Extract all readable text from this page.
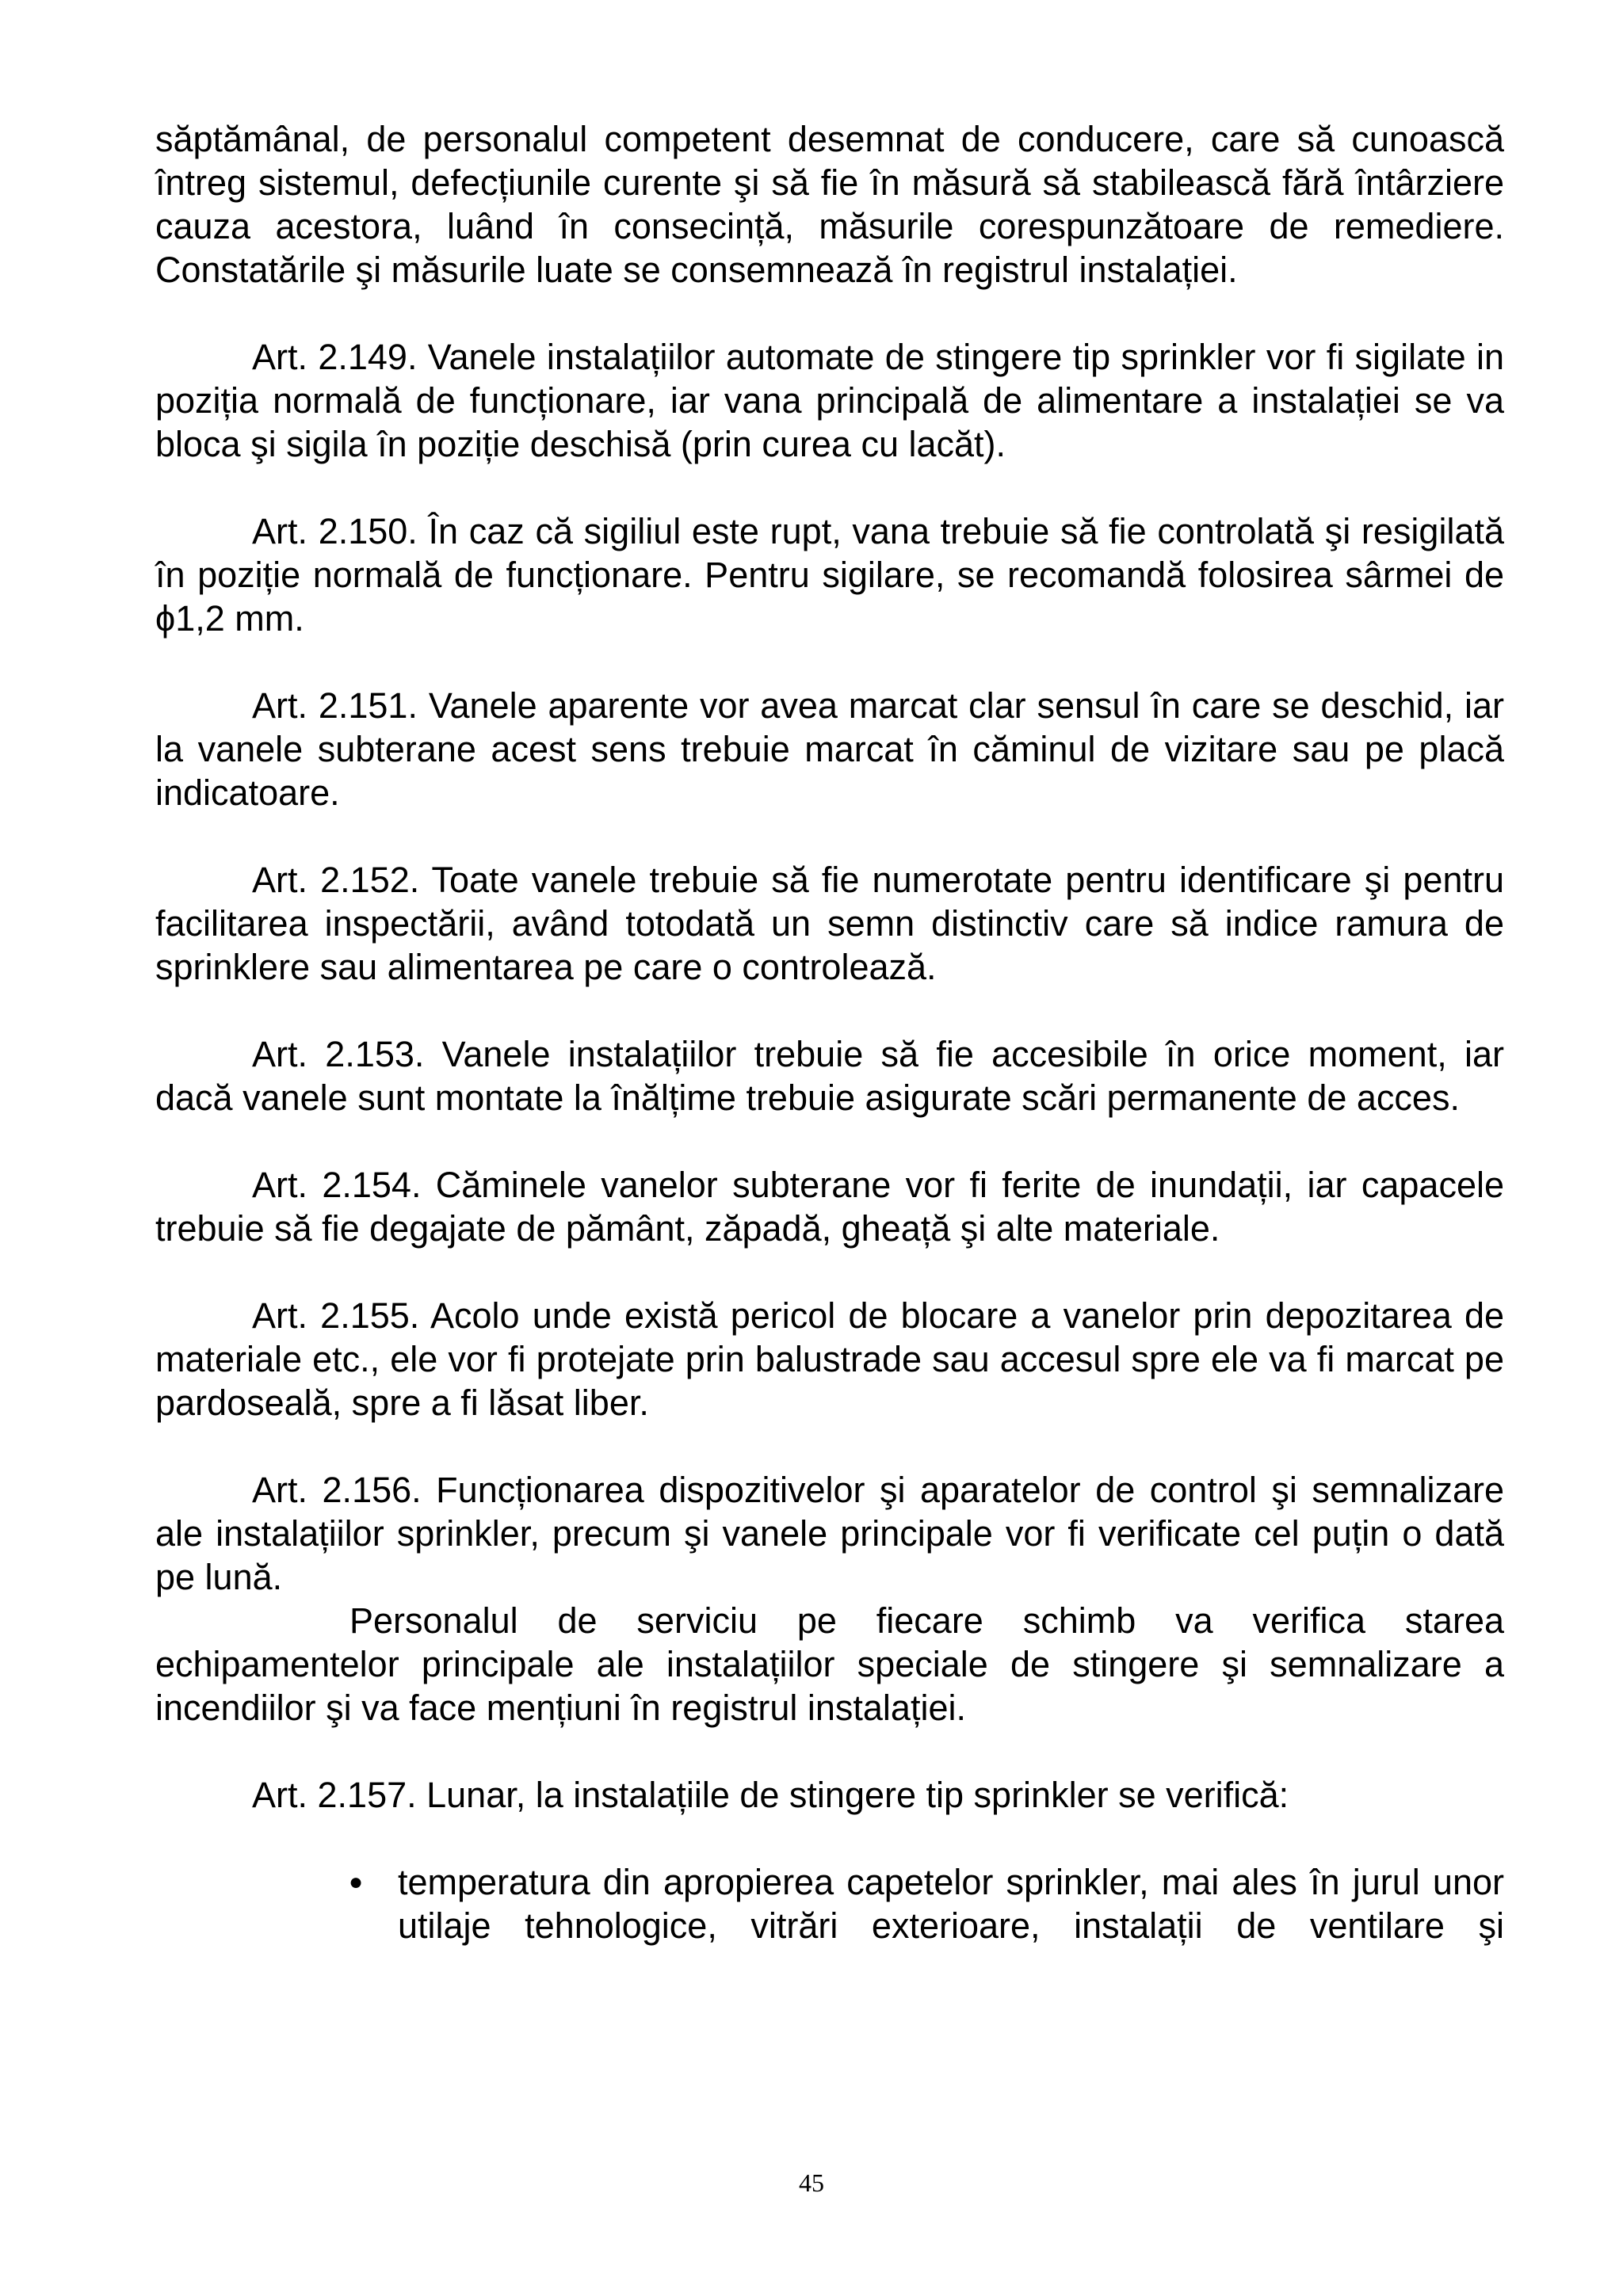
săptămânal, de personalul competent desemnat de conducere, care să cunoască întreg sistemul, defecțiunile curente şi să fie în măsură să stabilească fără întârziere cauza acestora, luând în consecință, măsurile corespunzătoare de remediere. Constatările şi măsurile luate se consemnează în registrul instalației.

Art. 2.149. Vanele instalațiilor automate de stingere tip sprinkler vor fi sigilate in poziția normală de funcționare, iar vana principală de alimentare a instalației se va bloca şi sigila în poziție deschisă (prin curea cu lacăt).

Art. 2.150. În caz că sigiliul este rupt, vana trebuie să fie controlată şi resigilată în poziție normală de funcționare. Pentru sigilare, se recomandă folosirea sârmei de ϕ1,2 mm.

Art. 2.151. Vanele aparente vor avea marcat clar sensul în care se deschid, iar la vanele subterane acest sens trebuie marcat în căminul de vizitare sau pe placă indicatoare.

Art. 2.152. Toate vanele trebuie să fie numerotate pentru identificare şi pentru facilitarea inspectării, având totodată un semn distinctiv care să indice ramura de sprinklere sau alimentarea pe care o controlează.

Art. 2.153. Vanele instalațiilor trebuie să fie accesibile în orice moment, iar dacă vanele sunt montate la înălțime trebuie asigurate scări permanente de acces.

Art. 2.154. Căminele vanelor subterane vor fi ferite de inundații, iar capacele trebuie să fie degajate de pământ, zăpadă, gheață şi alte materiale.

Art. 2.155. Acolo unde există pericol de blocare a vanelor prin depozitarea de materiale etc., ele vor fi protejate prin balustrade sau accesul spre ele va fi marcat pe pardoseală, spre a fi lăsat liber.

Art. 2.156. Funcționarea dispozitivelor şi aparatelor de control şi semnalizare ale instalațiilor sprinkler, precum şi vanele principale vor fi verificate cel puțin o dată pe lună.

Personalul de serviciu pe fiecare schimb va verifica starea echipamentelor principale ale instalațiilor speciale de stingere şi semnalizare a incendiilor şi va face mențiuni în registrul instalației.

Art. 2.157. Lunar, la instalațiile de stingere tip sprinkler se verifică:

● temperatura din apropierea capetelor sprinkler, mai ales în jurul unor utilaje tehnologice, vitrări exterioare, instalații de ventilare şi

45
